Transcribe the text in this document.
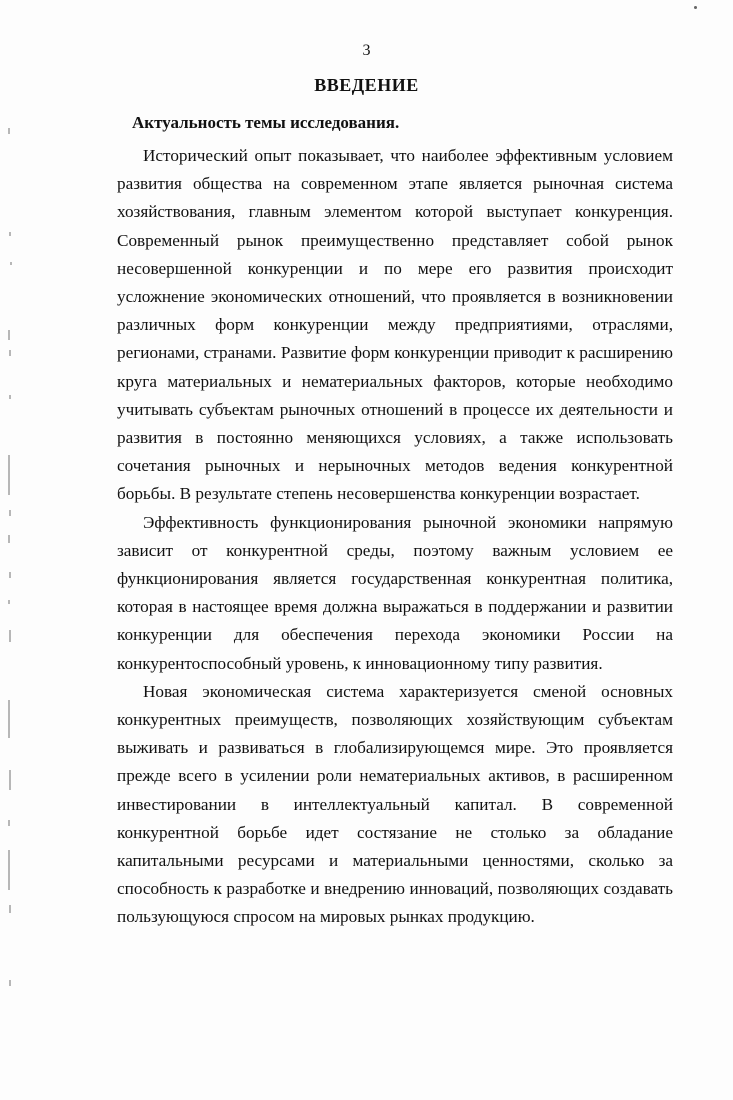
3
ВВЕДЕНИЕ
Актуальность темы исследования.

Исторический опыт показывает, что наиболее эффективным условием развития общества на современном этапе является рыночная система хозяйствования, главным элементом которой выступает конкуренция. Современный рынок преимущественно представляет собой рынок несовершенной конкуренции и по мере его развития происходит усложнение экономических отношений, что проявляется в возникновении различных форм конкуренции между предприятиями, отраслями, регионами, странами. Развитие форм конкуренции приводит к расширению круга материальных и нематериальных факторов, которые необходимо учитывать субъектам рыночных отношений в процессе их деятельности и развития в постоянно меняющихся условиях, а также использовать сочетания рыночных и нерыночных методов ведения конкурентной борьбы. В результате степень несовершенства конкуренции возрастает.

Эффективность функционирования рыночной экономики напрямую зависит от конкурентной среды, поэтому важным условием ее функционирования является государственная конкурентная политика, которая в настоящее время должна выражаться в поддержании и развитии конкуренции для обеспечения перехода экономики России на конкурентоспособный уровень, к инновационному типу развития.

Новая экономическая система характеризуется сменой основных конкурентных преимуществ, позволяющих хозяйствующим субъектам выживать и развиваться в глобализирующемся мире. Это проявляется прежде всего в усилении роли нематериальных активов, в расширенном инвестировании в интеллектуальный капитал. В современной конкурентной борьбе идет состязание не столько за обладание капитальными ресурсами и материальными ценностями, сколько за способность к разработке и внедрению инноваций, позволяющих создавать пользующуюся спросом на мировых рынках продукцию.
